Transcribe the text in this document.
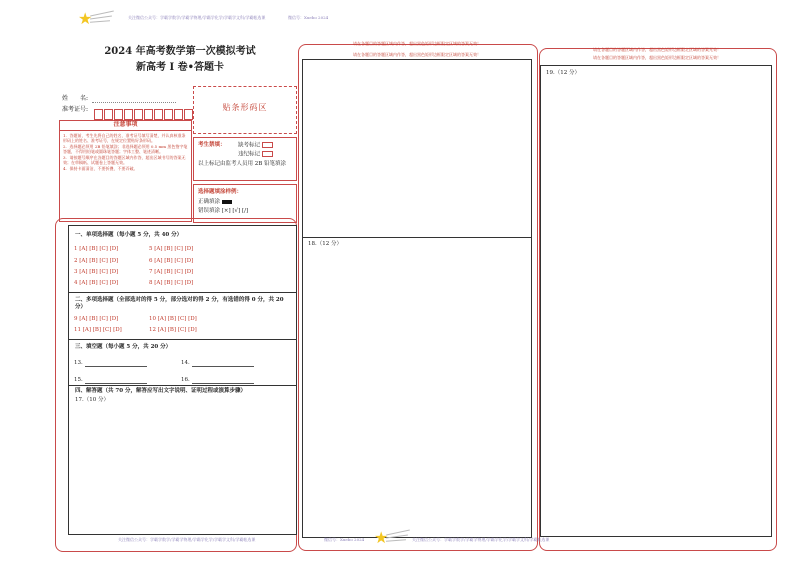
★	关注微信公众号：学霸学数学/学霸学物理/学霸学化学/学霸学文科/学霸帐选课	微信号：Xuebo 2024
2024 年高考数学第一次模拟考试
新高考 I 卷•答题卡
姓　　名:
准考证号:	贴条形码区
注意事项
1．答题前，考生先将自己的姓名，准考证号填写清楚，并认真核准条形码上的姓名、准考证号，在规定位置贴好条形码。
2．选择题必须用 2B 铅笔填涂；非选择题必须用 0.5 mm 黑色签字笔答题，不得用铅笔或圆珠笔答题；字体工整、笔迹清晰。
3．请按题号顺序在各题目的答题区域内作答，超出区域书写的答案无效；在草稿纸、试题卷上答题无效。
4．保持卡面清洁，不要折叠，不要弄破。
考生禁填： 缺考标记
违纪标记
以上标记由监考人员用 2B 铅笔填涂
选择题填涂样例：
正确填涂
错误填涂 [×] [√] [/]
一、单项选择题（每小题 5 分，共 40 分）
1 [A] [B] [C] [D]	5 [A] [B] [C] [D]
2 [A] [B] [C] [D]	6 [A] [B] [C] [D]
3 [A] [B] [C] [D]	7 [A] [B] [C] [D]
4 [A] [B] [C] [D]	8 [A] [B] [C] [D]
二、多项选择题（全部选对的得 5 分，部分选对的得 2 分，有选错的得 0 分，共 20 分）
9 [A] [B] [C] [D]	10 [A] [B] [C] [D]
11 [A] [B] [C] [D]	12 [A] [B] [C] [D]
三、填空题（每小题 5 分，共 20 分）
13.	14.
15.	16.
四、解答题（共 70 分，解答应写出文字说明、证明过程或演算步骤）
17.（10 分）
请在各题目的答题区域内作答，超出黑色矩形边框限定区域的答案无效！
请在各题目的答题区域内作答，超出黑色矩形边框限定区域的答案无效！
18.（12 分）
请在各题目的答题区域内作答，超出黑色矩形边框限定区域的答案无效！
请在各题目的答题区域内作答，超出黑色矩形边框限定区域的答案无效！
19.（12 分）
关注微信公众号：学霸学数学/学霸学物理/学霸学化学/学霸学文科/学霸帐选课	微信号：Xuebo 2024 ★	关注微信公众号：学霸学数学/学霸学物理/学霸学化学/学霸学文科/学霸帐选课
